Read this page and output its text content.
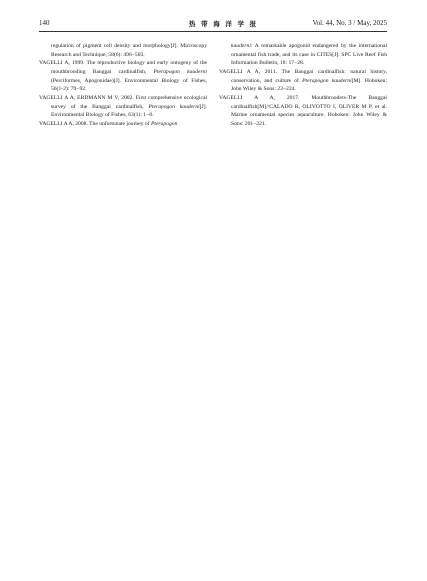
140	热 带 海 洋 学 报	Vol. 44, No. 3 / May, 2025

regulation of pigment cell density and morphology[J]. Microscopy Research and Technique, 58(6): 496−503.

VAGELLI A, 1999. The reproductive biology and early ontogeny of the mouthbrooding Banggai cardinalfish, Pterapogon kauderni (Perciformes, Apogonidae)[J]. Environmental Biology of Fishes, 56(1-2): 79−92.

VAGELLI A A, ERDMANN M V, 2002. First comprehensive ecological survey of the Banggai cardinalfish, Pterapogon kauderni[J]. Environmental Biology of Fishes, 63(1): 1−8.

VAGELLI A A, 2008. The unfortunate journey of Pterapogon

kauderni: A remarkable apogonid endangered by the international ornamental fish trade, and its case in CITES[J]. SPC Live Reef Fish Information Bulletin, 18: 17−28.

VAGELLI A A, 2011. The Banggai cardinalfish: natural history, conservation, and culture of Pterapogon kauderni[M]. Hoboken: John Wiley & Sons: 23−224.

VAGELLI A A, 2017. Mouthbrooders-The Banggai cardinalfish[M]//CALADO R, OLIVOTTO I, OLIVER M P, et al. Marine ornamental species aquaculture. Hoboken: John Wiley & Sons: 201−221.
